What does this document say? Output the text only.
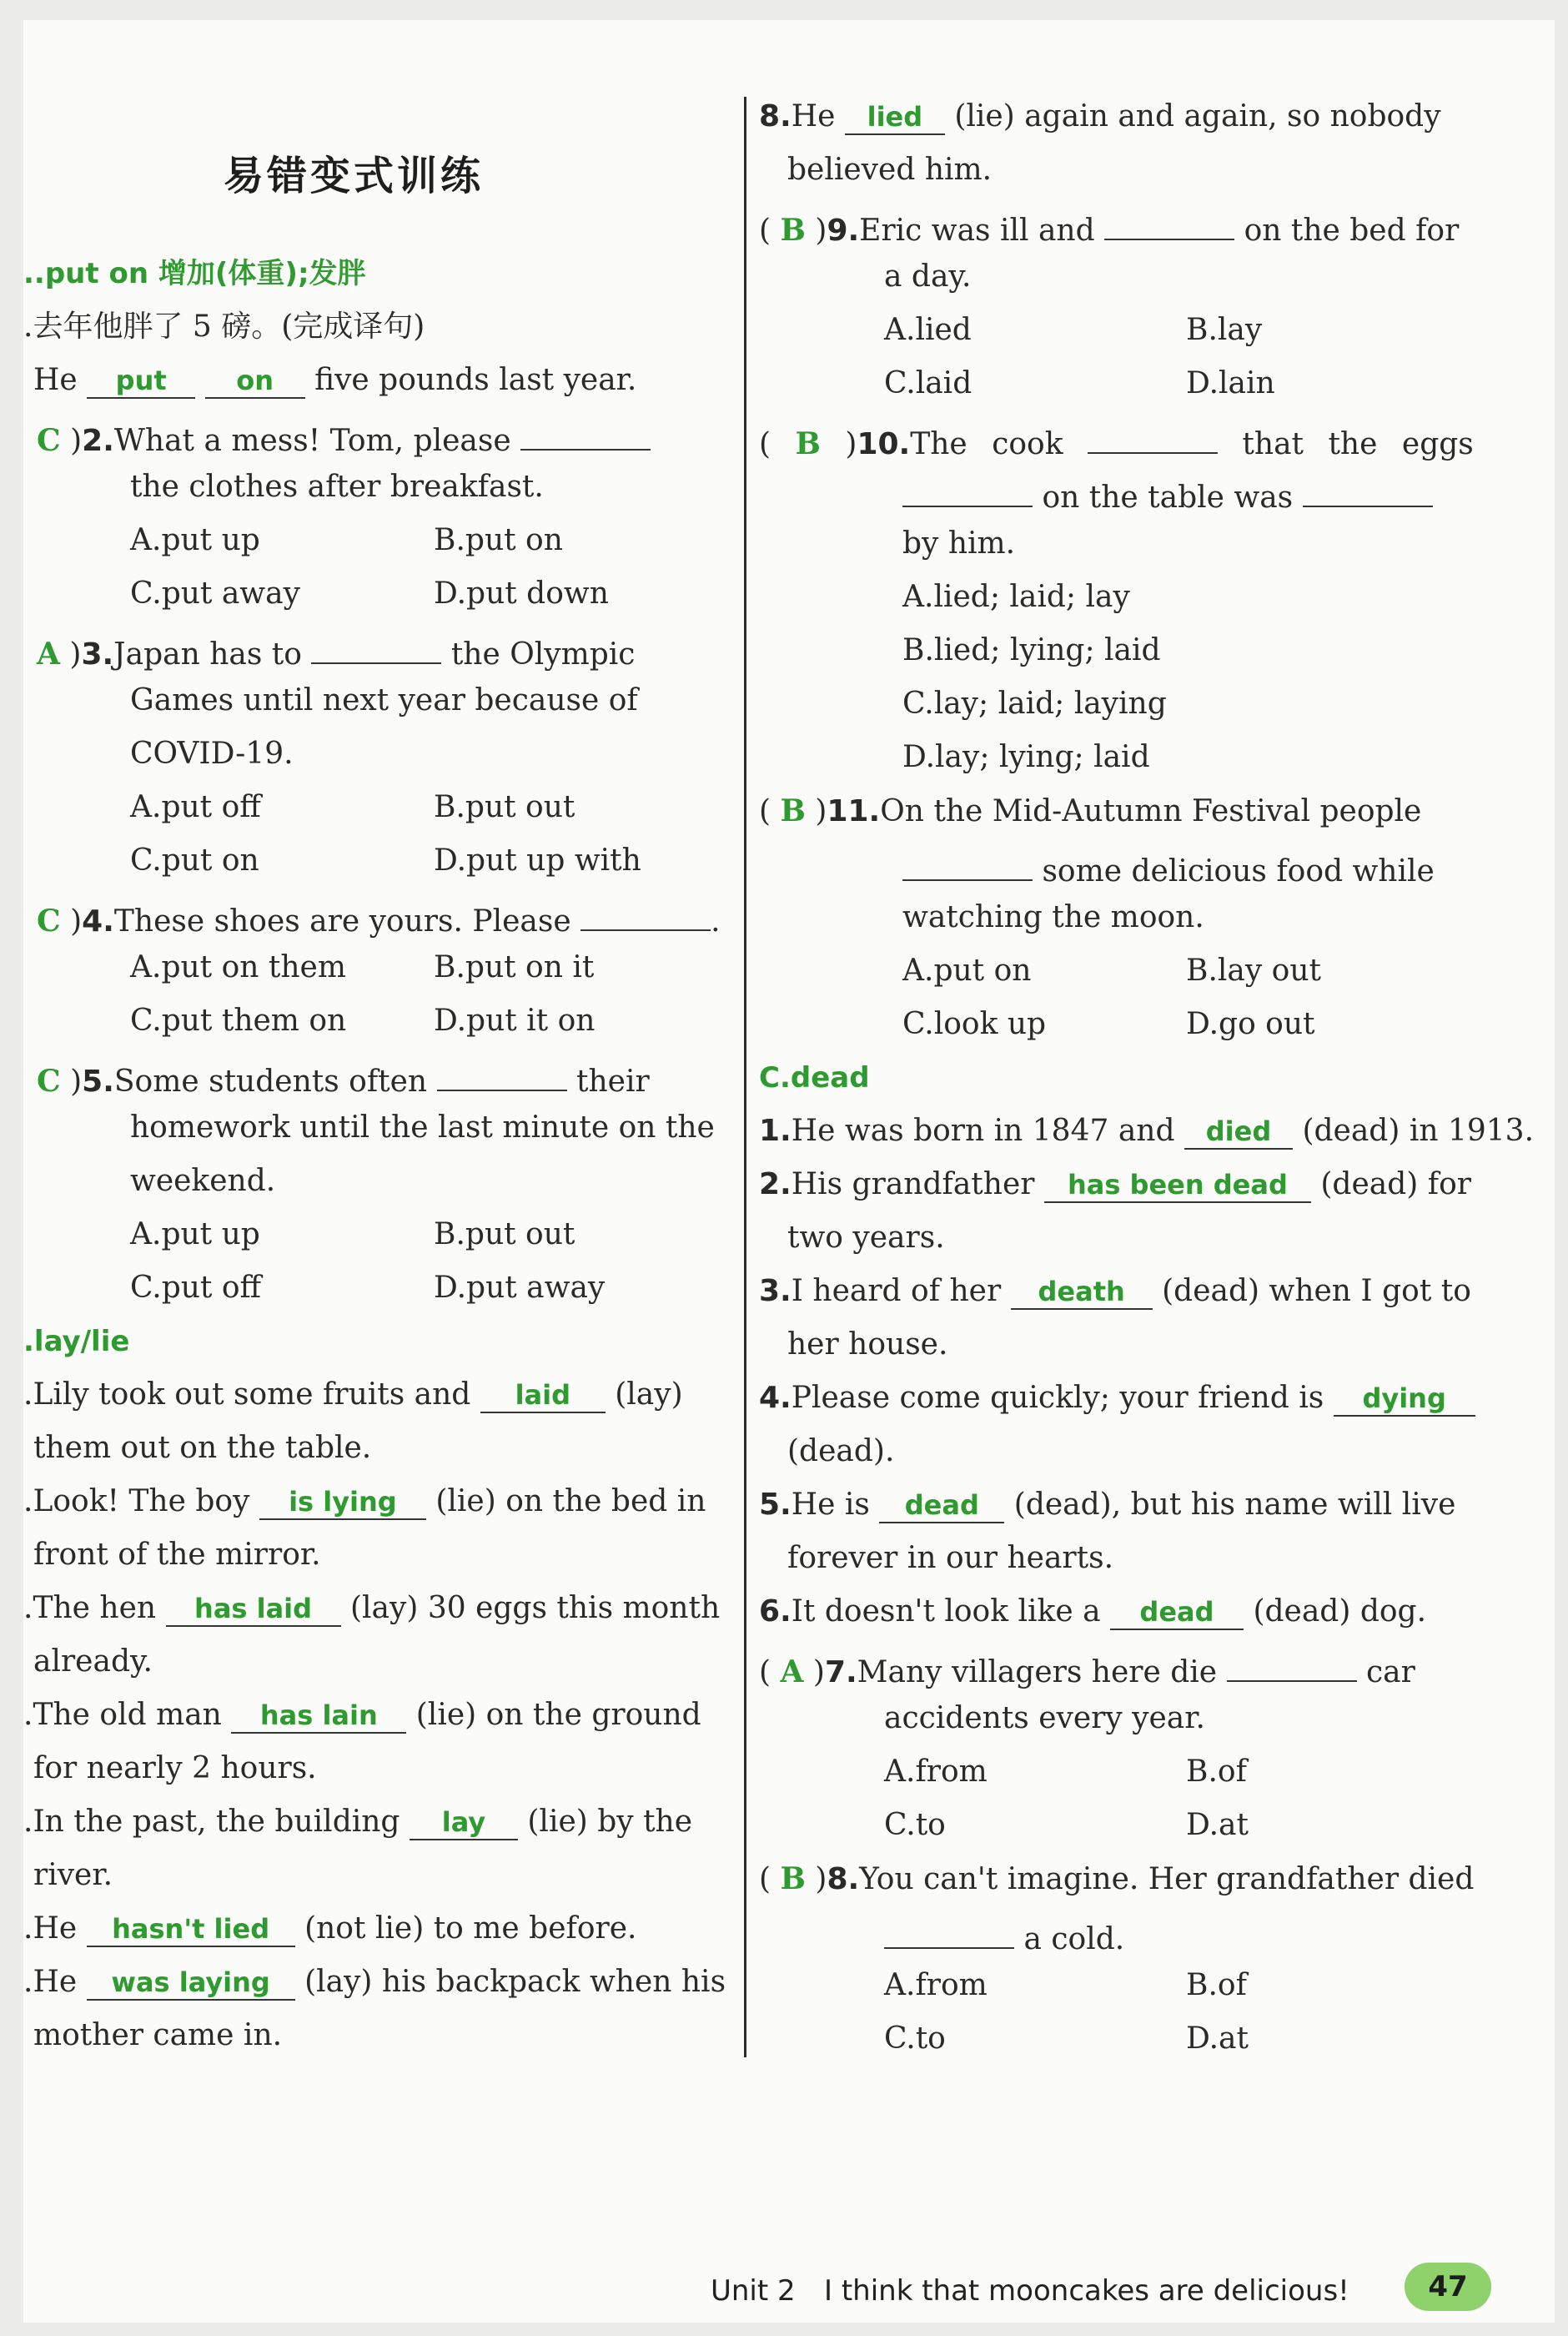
易错变式训练
..put on 增加(体重);发胖
.去年他胖了 5 磅。(完成译句)
He put	on five pounds last year.
C )2.What a mess! Tom, please
the clothes after breakfast.
A.put up	B.put on
C.put away	D.put down
A )3.Japan has to	the Olympic
Games until next year because of
COVID-19.
A.put off	B.put out
C.put on	D.put up with
C )4.These shoes are yours. Please	.
A.put on them	B.put on it
C.put them on	D.put it on
C )5.Some students often	their
homework until the last minute on the
weekend.
A.put up	B.put out
C.put off	D.put away
.lay/lie
.Lily took out some fruits and laid (lay)
them out on the table.
.Look! The boy is lying (lie) on the bed in
front of the mirror.
.The hen has laid (lay) 30 eggs this month
already.
.The old man has lain (lie) on the ground
for nearly 2 hours.
.In the past, the building lay (lie) by the
river.
.He hasn't lied (not lie) to me before.
.He was laying (lay) his backpack when his
mother came in.
8.He lied (lie) again and again, so nobody
believed him.
( B )9.Eric was ill and	on the bed for
a day.
A.lied	B.lay
C.laid	D.lain
( B )10.The cook	that the eggs
on the table was
by him.
A.lied; laid; lay
B.lied; lying; laid
C.lay; laid; laying
D.lay; lying; laid
( B )11.On the Mid-Autumn Festival people
some delicious food while
watching the moon.
A.put on	B.lay out
C.look up	D.go out
C.dead
1.He was born in 1847 and died (dead) in 1913.
2.His grandfather has been dead (dead) for
two years.
3.I heard of her death (dead) when I got to
her house.
4.Please come quickly; your friend is dying
(dead).
5.He is dead (dead), but his name will live
forever in our hearts.
6.It doesn't look like a dead (dead) dog.
( A )7.Many villagers here die	car
accidents every year.
A.from	B.of
C.to	D.at
( B )8.You can't imagine. Her grandfather died
a cold.
A.from	B.of
C.to	D.at
Unit 2 I think that mooncakes are delicious!	47
